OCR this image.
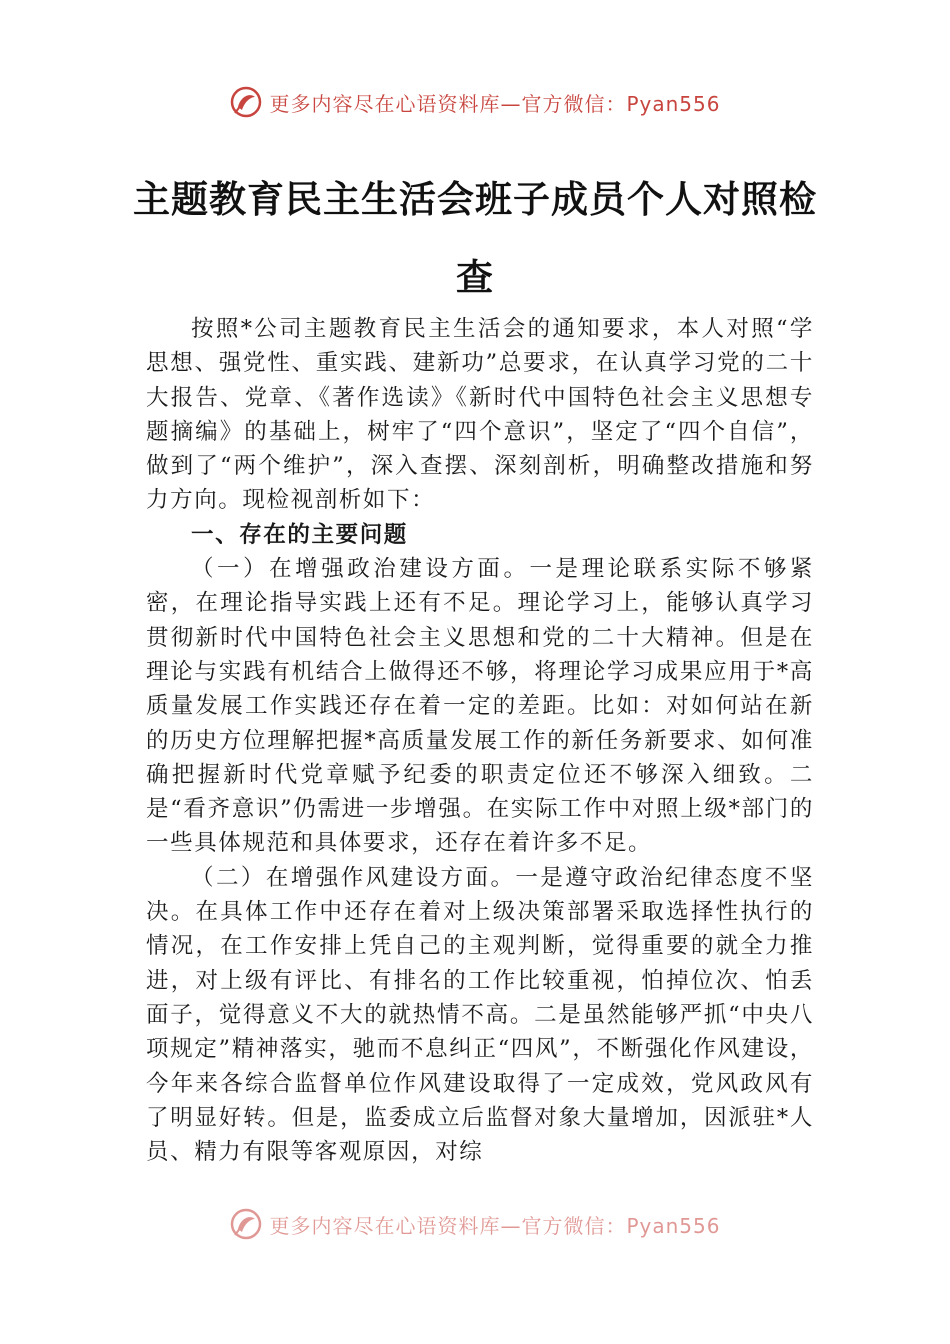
更多内容尽在心语资料库—官方微信：Pyan556
主题教育民主生活会班子成员个人对照检
查

按照*公司主题教育民主生活会的通知要求，本人对照“学思想、强党性、重实践、建新功”总要求，在认真学习党的二十大报告、党章、《著作选读》《新时代中国特色社会主义思想专题摘编》的基础上，树牢了“四个意识”，坚定了“四个自信”，做到了“两个维护”，深入查摆、深刻剖析，明确整改措施和努力方向。现检视剖析如下：

一、存在的主要问题

（一）在增强政治建设方面。一是理论联系实际不够紧密，在理论指导实践上还有不足。理论学习上，能够认真学习贯彻新时代中国特色社会主义思想和党的二十大精神。但是在理论与实践有机结合上做得还不够，将理论学习成果应用于*高质量发展工作实践还存在着一定的差距。比如：对如何站在新的历史方位理解把握*高质量发展工作的新任务新要求、如何准确把握新时代党章赋予纪委的职责定位还不够深入细致。二是“看齐意识”仍需进一步增强。在实际工作中对照上级*部门的一些具体规范和具体要求，还存在着许多不足。

（二）在增强作风建设方面。一是遵守政治纪律态度不坚决。在具体工作中还存在着对上级决策部署采取选择性执行的情况，在工作安排上凭自己的主观判断，觉得重要的就全力推进，对上级有评比、有排名的工作比较重视，怕掉位次、怕丢面子，觉得意义不大的就热情不高。二是虽然能够严抓“中央八项规定”精神落实，驰而不息纠正“四风”，不断强化作风建设，今年来各综合监督单位作风建设取得了一定成效，党风政风有了明显好转。但是，监委成立后监督对象大量增加，因派驻*人员、精力有限等客观原因，对综

更多内容尽在心语资料库—官方微信：Pyan556
